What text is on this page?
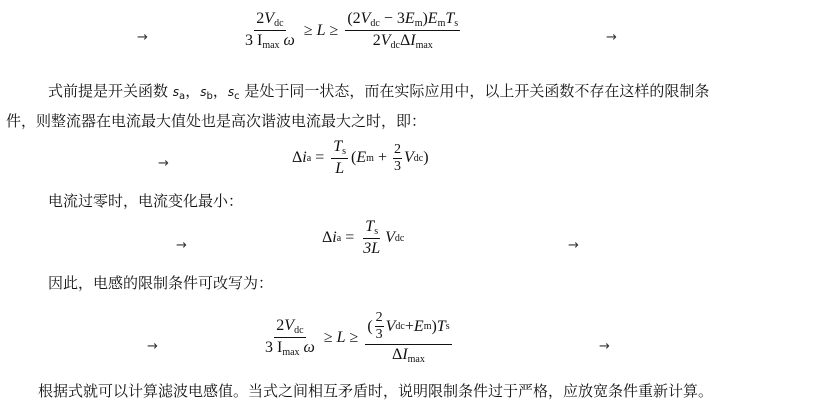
→	$\frac{2V_{dc}}{3 I_{max} \omega} \ge L \ge \frac{(2V_{dc} - 3E_m)E_mT_s}{2V_{dc}\Delta I_{max}}$	→
式前提是开关函数 $s_a$，$s_b$，$s_c$ 是处于同一状态，而在实际应用中，以上开关函数不存在这样的限制条
件，则整流器在电流最大值处也是高次谐波电流最大之时，即：
→	Δ i $a = \frac{T_s}{L}$ ( E $m + \frac{2}{3}$ V dc )
电流过零时，电流变化最小：
→	Δ i $a = \frac{T_s}{3L}$ V dc	→
因此，电感的限制条件可改写为：
→	$\frac{2V_{dc}}{3 I_{max} \omega} \ge L \ge \frac{( \frac{2}{3} V dc + E m ) T s}{\Delta I_{max}}$	→
根据式就可以计算滤波电感值。当式之间相互矛盾时，说明限制条件过于严格，应放宽条件重新计算。
